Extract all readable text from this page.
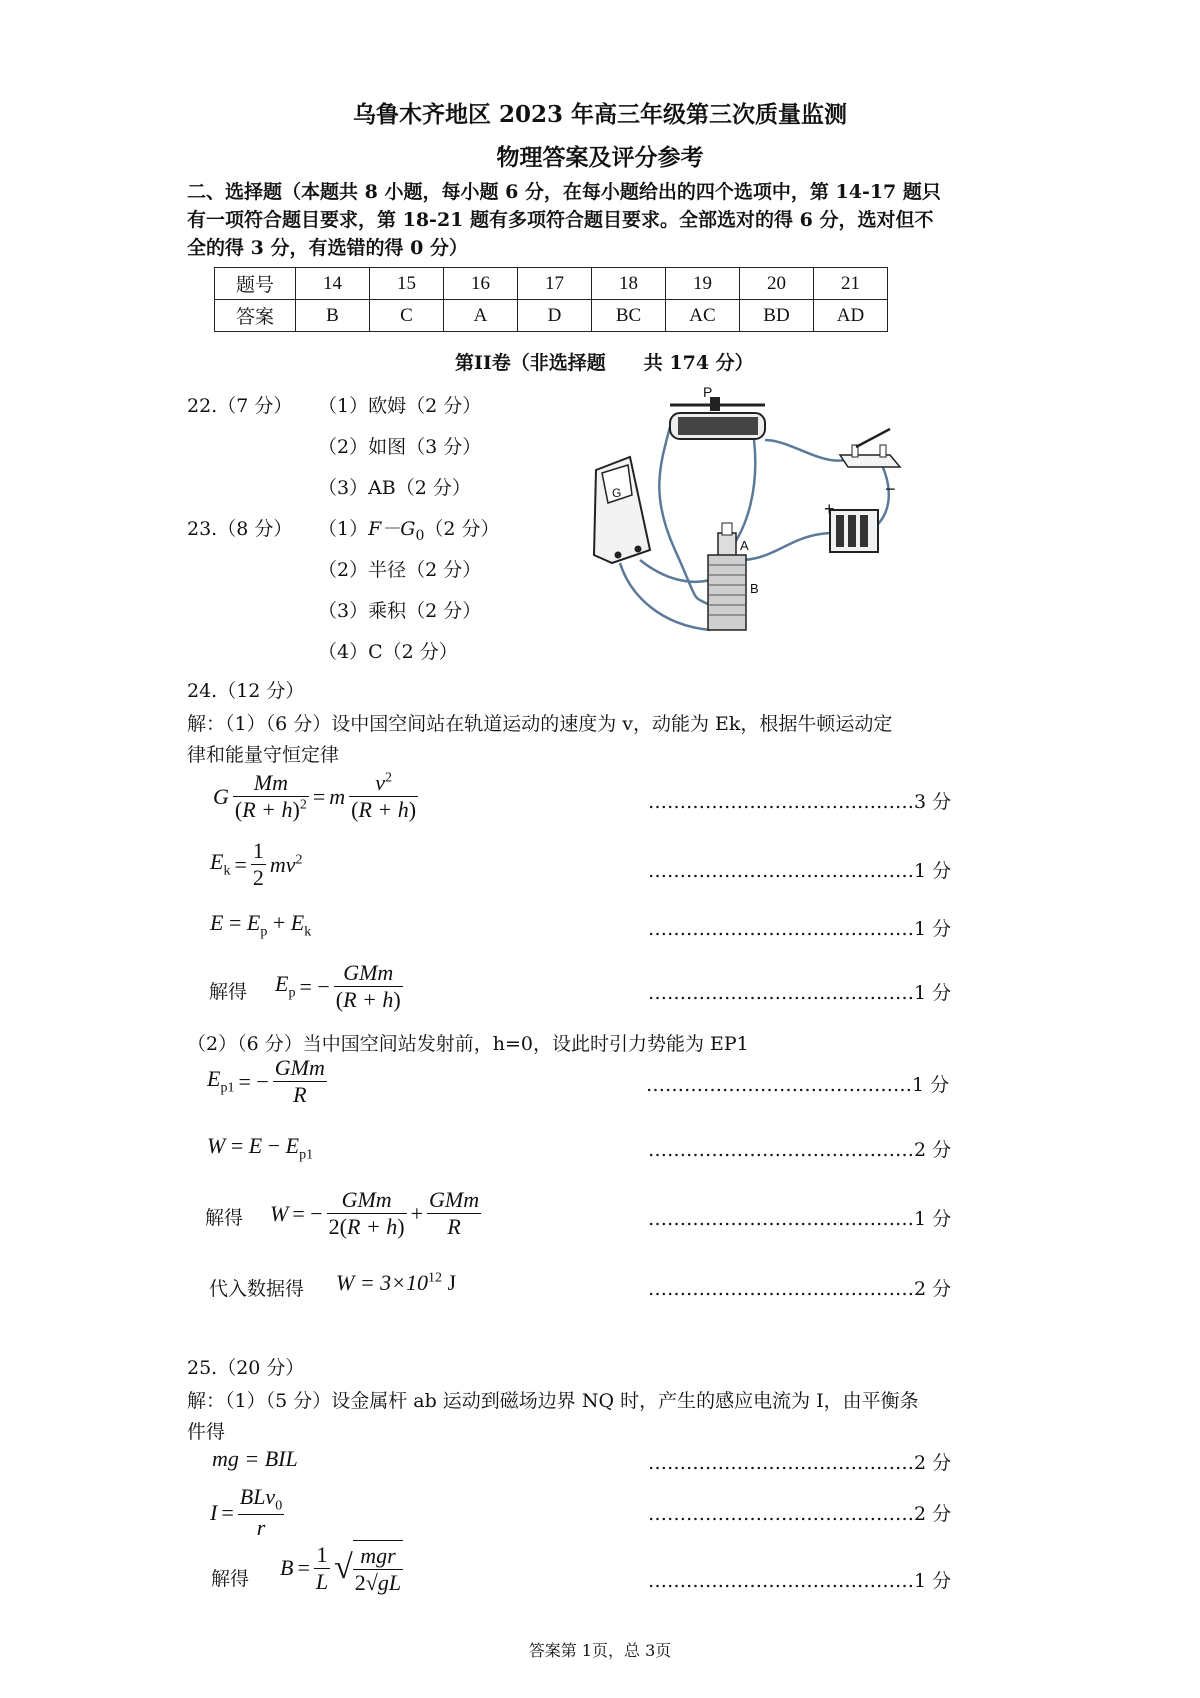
乌鲁木齐地区 2023 年高三年级第三次质量监测
物理答案及评分参考
二、选择题（本题共 8 小题，每小题 6 分，在每小题给出的四个选项中，第 14-17 题只
有一项符合题目要求，第 18-21 题有多项符合题目要求。全部选对的得 6 分，选对但不
全的得 3 分，有选错的得 0 分）
题号	14	15	16	17	18	19	20	21
答案	B	C	A	D	BC	AC	BD	AD
第II卷（非选择题　　共 174 分）
22.（7 分） （1）欧姆（2 分）
（2）如图（3 分）
（3）AB（2 分）
23.（8 分） $(1)F-G_0(2$ 分）
（2）半径（2 分）
（3）乘积（2 分）
（4）C（2 分）
P
G
A
B
+
−
24.（12 分）
解：（1）（6 分）设中国空间站在轨道运动的速度为 v，动能为 Ek，根据牛顿运动定
律和能量守恒定律
G $\frac{Mm}{(R + h)^2} = m \frac{v^2}{(R + h)}$	……………………………………3 分
$E_k = \frac{1}{2} mv^2$
……………………………………1 分
$E = E_p + E_k$	……………………………………1 分
解得 $E_p$ = − $\frac{\text{GMm}}{(R + h)}$	……………………………………1 分
（2）（6 分）当中国空间站发射前，h=0，设此时引力势能为 EP1
$E_{p1}$ = − $\frac{\text{GMm}}{R}$	……………………………………1 分
$W = E - E_{p1}$	……………………………………2 分
解得 W = − $\frac{\text{GMm}}{2(R + h)} + \frac{\text{GMm}}{R}$	……………………………………1 分
代入数据得 $W = 3\times 10^{12}$ J	……………………………………2 分
25.（20 分）
解：（1）（5 分）设金属杆 ab 运动到磁场边界 NQ 时，产生的感应电流为 I，由平衡条
件得
mg = BIL	……………………………………2 分
$I = \frac{BLv_0}{r}$	……………………………………2 分
解得 $B = \frac{1}{L}$ √ $\frac{\text{mgr}}{2√gL}$	……………………………………1 分
答案第 1页，总 3页
